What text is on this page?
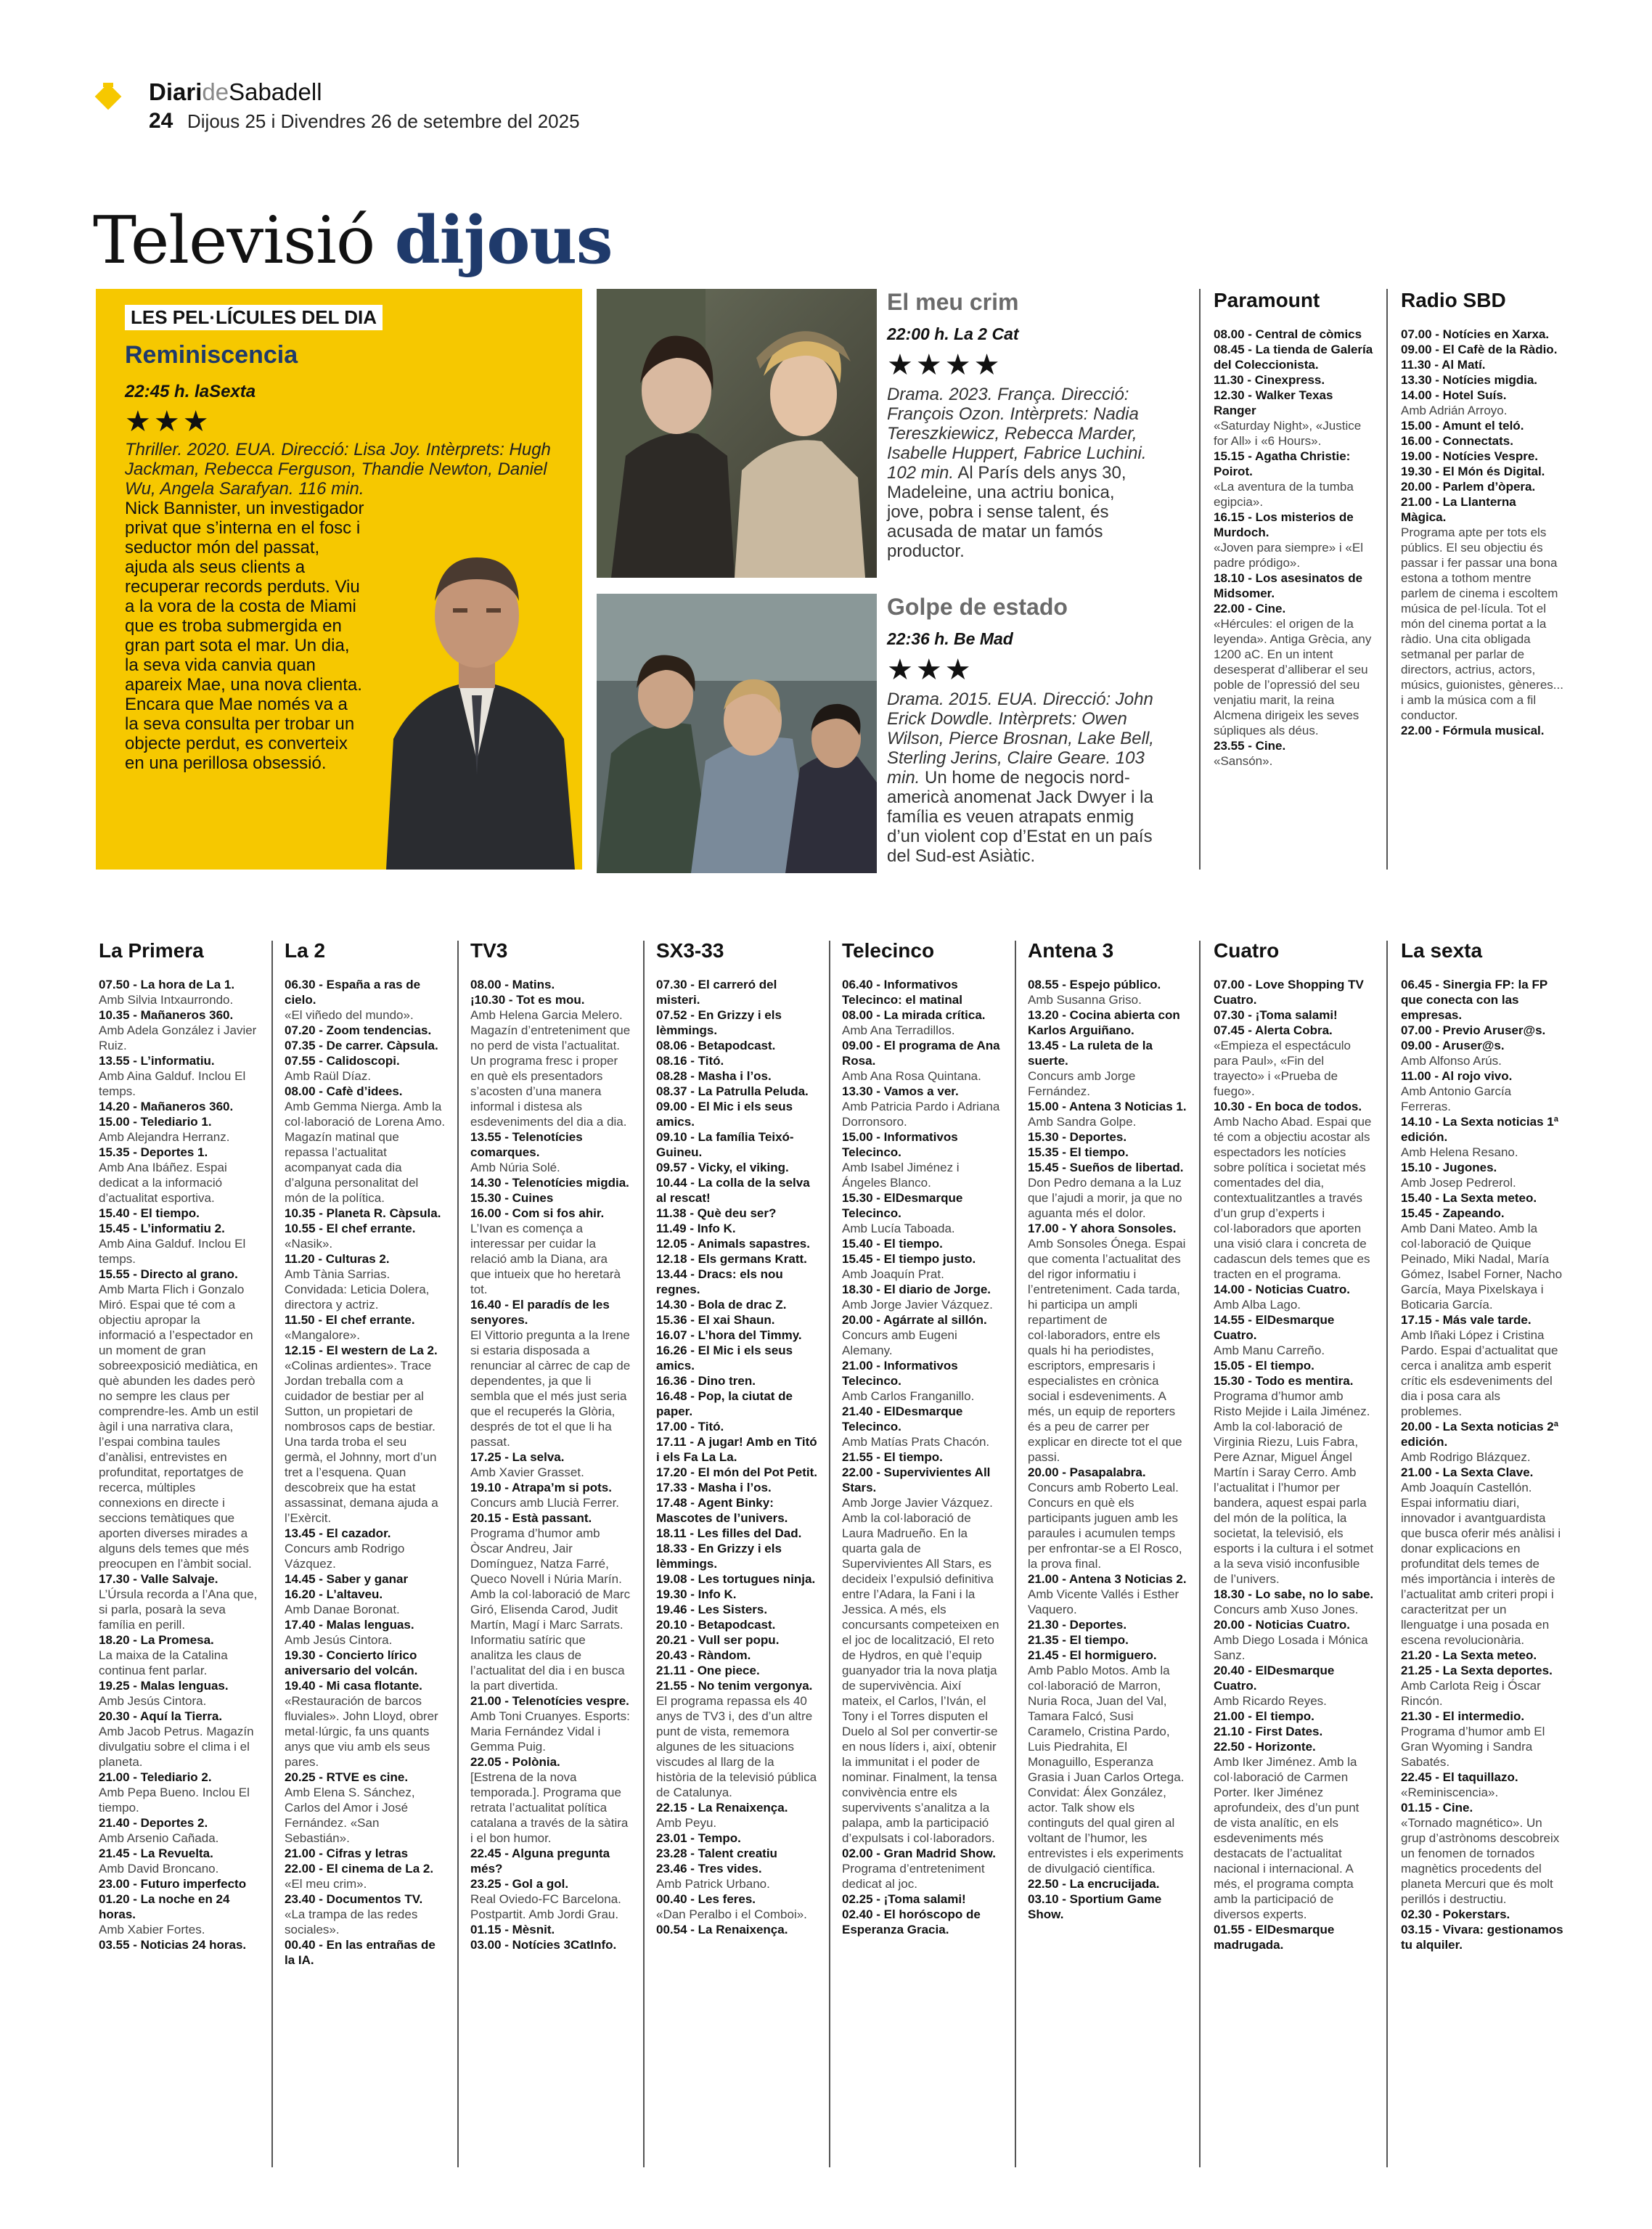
DiarideSabadell
24 Dijous 25 i Divendres 26 de setembre del 2025
Televisió dijous
LES PEL·LÍCULES DEL DIA
Reminiscencia
22:45 h. laSexta
★★★
Thriller. 2020. EUA. Direcció: Lisa Joy. Intèrprets: Hugh Jackman, Rebecca Ferguson, Thandie Newton, Daniel Wu, Angela Sarafyan. 116 min.
Nick Bannister, un investigador privat que s’interna en el fosc i seductor món del passat, ajuda als seus clients a recuperar records perduts. Viu a la vora de la costa de Miami que es troba submergida en gran part sota el mar. Un dia, la seva vida canvia quan apareix Mae, una nova clienta. Encara que Mae només va a la seva consulta per trobar un objecte perdut, es converteix en una perillosa obsessió.
El meu crim
22:00 h. La 2 Cat
★★★★
Drama. 2023. França. Direcció: François Ozon. Intèrprets: Nadia Tereszkiewicz, Rebecca Marder, Isabelle Huppert, Fabrice Luchini. 102 min. Al París dels anys 30, Madeleine, una actriu bonica, jove, pobra i sense talent, és acusada de matar un famós productor.
Golpe de estado
22:36 h. Be Mad
★★★
Drama. 2015. EUA. Direcció: John Erick Dowdle. Intèrprets: Owen Wilson, Pierce Brosnan, Lake Bell, Sterling Jerins, Claire Geare. 103 min. Un home de negocis nord-americà anomenat Jack Dwyer i la família es veuen atrapats enmig d’un violent cop d’Estat en un país del Sud-est Asiàtic.
Paramount
08.00 - Central de còmics
08.45 - La tienda de Galería del Coleccionista.
11.30 - Cinexpress.
12.30 - Walker Texas Ranger
«Saturday Night», «Justice for All» i «6 Hours».
15.15 - Agatha Christie: Poirot.
«La aventura de la tumba egipcia».
16.15 - Los misterios de Murdoch.
«Joven para siempre» i «El padre pródigo».
18.10 - Los asesinatos de Midsomer.
22.00 - Cine.
«Hércules: el origen de la leyenda». Antiga Grècia, any 1200 aC. En un intent desesperat d’alliberar el seu poble de l’opressió del seu venjatiu marit, la reina Alcmena dirigeix les seves súpliques als déus.
23.55 - Cine.
«Sansón».
Radio SBD
07.00 - Notícies en Xarxa.
09.00 - El Cafè de la Ràdio.
11.30 - Al Matí.
13.30 - Notícies migdia.
14.00 - Hotel Suís.
Amb Adrián Arroyo.
15.00 - Amunt el teló.
16.00 - Connectats.
19.00 - Notícies Vespre.
19.30 - El Món és Digital.
20.00 - Parlem d’òpera.
21.00 - La Llanterna Màgica.
Programa apte per tots els públics. El seu objectiu és passar i fer passar una bona estona a tothom mentre parlem de cinema i escoltem música de pel·lícula. Tot el món del cinema portat a la ràdio. Una cita obligada setmanal per parlar de directors, actrius, actors, músics, guionistes, gèneres... i amb la música com a fil conductor.
22.00 - Fórmula musical.
La Primera
07.50 - La hora de La 1.
Amb Silvia Intxaurrondo.
10.35 - Mañaneros 360.
Amb Adela González i Javier Ruiz.
13.55 - L’informatiu.
Amb Aina Galduf. Inclou El temps.
14.20 - Mañaneros 360.
15.00 - Telediario 1.
Amb Alejandra Herranz.
15.35 - Deportes 1.
Amb Ana Ibáñez. Espai dedicat a la informació d’actualitat esportiva.
15.40 - El tiempo.
15.45 - L’informatiu 2.
Amb Aina Galduf. Inclou El temps.
15.55 - Directo al grano.
Amb Marta Flich i Gonzalo Miró. Espai que té com a objectiu apropar la informació a l’espectador en un moment de gran sobreexposició mediàtica, en què abunden les dades però no sempre les claus per comprendre-les. Amb un estil àgil i una narrativa clara, l’espai combina taules d’anàlisi, entrevistes en profunditat, reportatges de recerca, múltiples connexions en directe i seccions temàtiques que aporten diverses mirades a alguns dels temes que més preocupen en l’àmbit social.
17.30 - Valle Salvaje.
L’Úrsula recorda a l’Ana que, si parla, posarà la seva família en perill.
18.20 - La Promesa.
La maixa de la Catalina continua fent parlar.
19.25 - Malas lenguas.
Amb Jesús Cintora.
20.30 - Aquí la Tierra.
Amb Jacob Petrus. Magazín divulgatiu sobre el clima i el planeta.
21.00 - Telediario 2.
Amb Pepa Bueno. Inclou El tiempo.
21.40 - Deportes 2.
Amb Arsenio Cañada.
21.45 - La Revuelta.
Amb David Broncano.
23.00 - Futuro imperfecto
01.20 - La noche en 24 horas.
Amb Xabier Fortes.
03.55 - Noticias 24 horas.
La 2
06.30 - España a ras de cielo.
«El viñedo del mundo».
07.20 - Zoom tendencias.
07.35 - De carrer. Càpsula.
07.55 - Calidoscopi.
Amb Raül Díaz.
08.00 - Cafè d’idees.
Amb Gemma Nierga. Amb la col·laboració de Lorena Amo. Magazín matinal que repassa l’actualitat acompanyat cada dia d’alguna personalitat del món de la política.
10.35 - Planeta R. Càpsula.
10.55 - El chef errante.
«Nasik».
11.20 - Culturas 2.
Amb Tània Sarrias. Convidada: Leticia Dolera, directora y actriz.
11.50 - El chef errante.
«Mangalore».
12.15 - El western de La 2.
«Colinas ardientes». Trace Jordan treballa com a cuidador de bestiar per al Sutton, un propietari de nombrosos caps de bestiar. Una tarda troba el seu germà, el Johnny, mort d’un tret a l’esquena. Quan descobreix que ha estat assassinat, demana ajuda a l’Exèrcit.
13.45 - El cazador.
Concurs amb Rodrigo Vázquez.
14.45 - Saber y ganar
16.20 - L’altaveu.
Amb Danae Boronat.
17.40 - Malas lenguas.
Amb Jesús Cintora.
19.30 - Concierto lírico aniversario del volcán.
19.40 - Mi casa flotante.
«Restauración de barcos fluviales». John Lloyd, obrer metal·lúrgic, fa uns quants anys que viu amb els seus pares.
20.25 - RTVE es cine.
Amb Elena S. Sánchez, Carlos del Amor i José Fernández. «San Sebastián».
21.00 - Cifras y letras
22.00 - El cinema de La 2.
«El meu crim».
23.40 - Documentos TV.
«La trampa de las redes sociales».
00.40 - En las entrañas de la IA.
TV3
08.00 - Matins.
¡10.30 - Tot es mou.
Amb Helena Garcia Melero. Magazín d’entreteniment que no perd de vista l’actualitat. Un programa fresc i proper en què els presentadors s’acosten d’una manera informal i distesa als esdeveniments del dia a dia.
13.55 - Telenotícies comarques.
Amb Núria Solé.
14.30 - Telenotícies migdia.
15.30 - Cuines
16.00 - Com si fos ahir.
L’Ivan es comença a interessar per cuidar la relació amb la Diana, ara que intueix que ho heretarà tot.
16.40 - El paradís de les senyores.
El Vittorio pregunta a la Irene si estaria disposada a renunciar al càrrec de cap de dependentes, ja que li sembla que el més just seria que el recuperés la Glòria, després de tot el que li ha passat.
17.25 - La selva.
Amb Xavier Grasset.
19.10 - Atrapa’m si pots.
Concurs amb Llucià Ferrer.
20.15 - Està passant.
Programa d’humor amb Òscar Andreu, Jair Domínguez, Natza Farré, Queco Novell i Núria Marín. Amb la col·laboració de Marc Giró, Elisenda Carod, Judit Martín, Magí i Marc Sarrats. Informatiu satíric que analitza les claus de l’actualitat del dia i en busca la part divertida.
21.00 - Telenotícies vespre.
Amb Toni Cruanyes. Esports: Maria Fernández Vidal i Gemma Puig.
22.05 - Polònia.
[Estrena de la nova temporada.]. Programa que retrata l’actualitat política catalana a través de la sàtira i el bon humor.
22.45 - Alguna pregunta més?
23.25 - Gol a gol.
Real Oviedo-FC Barcelona. Postpartit. Amb Jordi Grau.
01.15 - Mèsnit.
03.00 - Notícies 3CatInfo.
SX3-33
07.30 - El carreró del misteri.
07.52 - En Grizzy i els lèmmings.
08.06 - Betapodcast.
08.16 - Titó.
08.28 - Masha i l’os.
08.37 - La Patrulla Peluda.
09.00 - El Mic i els seus amics.
09.10 - La família Teixó-Guineu.
09.57 - Vicky, el viking.
10.44 - La colla de la selva al rescat!
11.38 - Què deu ser?
11.49 - Info K.
12.05 - Animals sapastres.
12.18 - Els germans Kratt.
13.44 - Dracs: els nou regnes.
14.30 - Bola de drac Z.
15.36 - El xai Shaun.
16.07 - L’hora del Timmy.
16.26 - El Mic i els seus amics.
16.36 - Dino tren.
16.48 - Pop, la ciutat de paper.
17.00 - Titó.
17.11 - A jugar! Amb en Titó i els Fa La La.
17.20 - El món del Pot Petit.
17.33 - Masha i l’os.
17.48 - Agent Binky: Mascotes de l’univers.
18.11 - Les filles del Dad.
18.33 - En Grizzy i els lèmmings.
19.08 - Les tortugues ninja.
19.30 - Info K.
19.46 - Les Sisters.
20.10 - Betapodcast.
20.21 - Vull ser popu.
20.43 - Ràndom.
21.11 - One piece.
21.55 - No tenim vergonya.
El programa repassa els 40 anys de TV3 i, des d’un altre punt de vista, rememora algunes de les situacions viscudes al llarg de la història de la televisió pública de Catalunya.
22.15 - La Renaixença.
Amb Peyu.
23.01 - Tempo.
23.28 - Talent creatiu
23.46 - Tres vides.
Amb Patrick Urbano.
00.40 - Les feres.
«Dan Peralbo i el Comboi».
00.54 - La Renaixença.
Telecinco
06.40 - Informativos Telecinco: el matinal
08.00 - La mirada crítica.
Amb Ana Terradillos.
09.00 - El programa de Ana Rosa.
Amb Ana Rosa Quintana.
13.30 - Vamos a ver.
Amb Patricia Pardo i Adriana Dorronsoro.
15.00 - Informativos Telecinco.
Amb Isabel Jiménez i Ángeles Blanco.
15.30 - ElDesmarque Telecinco.
Amb Lucía Taboada.
15.40 - El tiempo.
15.45 - El tiempo justo.
Amb Joaquín Prat.
18.30 - El diario de Jorge.
Amb Jorge Javier Vázquez.
20.00 - Agárrate al sillón.
Concurs amb Eugeni Alemany.
21.00 - Informativos Telecinco.
Amb Carlos Franganillo.
21.40 - ElDesmarque Telecinco.
Amb Matías Prats Chacón.
21.55 - El tiempo.
22.00 - Supervivientes All Stars.
Amb Jorge Javier Vázquez. Amb la col·laboració de Laura Madrueño. En la quarta gala de Supervivientes All Stars, es decideix l’expulsió definitiva entre l’Adara, la Fani i la Jessica. A més, els concursants competeixen en el joc de localització, El reto de Hydros, en què l’equip guanyador tria la nova platja de supervivència. Així mateix, el Carlos, l’Iván, el Tony i el Torres disputen el Duelo al Sol per convertir-se en nous líders i, així, obtenir la immunitat i el poder de nominar. Finalment, la tensa convivència entre els supervivents s’analitza a la palapa, amb la participació d’expulsats i col·laboradors.
02.00 - Gran Madrid Show.
Programa d’entreteniment dedicat al joc.
02.25 - ¡Toma salami!
02.40 - El horóscopo de Esperanza Gracia.
Antena 3
08.55 - Espejo público.
Amb Susanna Griso.
13.20 - Cocina abierta con Karlos Arguiñano.
13.45 - La ruleta de la suerte.
Concurs amb Jorge Fernández.
15.00 - Antena 3 Noticias 1.
Amb Sandra Golpe.
15.30 - Deportes.
15.35 - El tiempo.
15.45 - Sueños de libertad.
Don Pedro demana a la Luz que l’ajudi a morir, ja que no aguanta més el dolor.
17.00 - Y ahora Sonsoles.
Amb Sonsoles Ónega. Espai que comenta l’actualitat des del rigor informatiu i l’entreteniment. Cada tarda, hi participa un ampli repartiment de col·laboradors, entre els quals hi ha periodistes, escriptors, empresaris i especialistes en crònica social i esdeveniments. A més, un equip de reporters és a peu de carrer per explicar en directe tot el que passi.
20.00 - Pasapalabra.
Concurs amb Roberto Leal. Concurs en què els participants juguen amb les paraules i acumulen temps per enfrontar-se a El Rosco, la prova final.
21.00 - Antena 3 Noticias 2.
Amb Vicente Vallés i Esther Vaquero.
21.30 - Deportes.
21.35 - El tiempo.
21.45 - El hormiguero.
Amb Pablo Motos. Amb la col·laboració de Marron, Nuria Roca, Juan del Val, Tamara Falcó, Susi Caramelo, Cristina Pardo, Luis Piedrahita, El Monaguillo, Esperanza Grasia i Juan Carlos Ortega. Convidat: Álex González, actor. Talk show els continguts del qual giren al voltant de l’humor, les entrevistes i els experiments de divulgació científica.
22.50 - La encrucijada.
03.10 - Sportium Game Show.
Cuatro
07.00 - Love Shopping TV Cuatro.
07.30 - ¡Toma salami!
07.45 - Alerta Cobra.
«Empieza el espectáculo para Paul», «Fin del trayecto» i «Prueba de fuego».
10.30 - En boca de todos.
Amb Nacho Abad. Espai que té com a objectiu acostar als espectadors les notícies sobre política i societat més comentades del dia, contextualitzantles a través d’un grup d’experts i col·laboradors que aporten una visió clara i concreta de cadascun dels temes que es tracten en el programa.
14.00 - Noticias Cuatro.
Amb Alba Lago.
14.55 - ElDesmarque Cuatro.
Amb Manu Carreño.
15.05 - El tiempo.
15.30 - Todo es mentira.
Programa d’humor amb Risto Mejide i Laila Jiménez. Amb la col·laboració de Virginia Riezu, Luis Fabra, Pere Aznar, Miguel Ángel Martín i Saray Cerro. Amb l’actualitat i l’humor per bandera, aquest espai parla del món de la política, la societat, la televisió, els esports i la cultura i el sotmet a la seva visió inconfusible de l’univers.
18.30 - Lo sabe, no lo sabe.
Concurs amb Xuso Jones.
20.00 - Noticias Cuatro.
Amb Diego Losada i Mónica Sanz.
20.40 - ElDesmarque Cuatro.
Amb Ricardo Reyes.
21.00 - El tiempo.
21.10 - First Dates.
22.50 - Horizonte.
Amb Iker Jiménez. Amb la col·laboració de Carmen Porter. Iker Jiménez aprofundeix, des d’un punt de vista analític, en els esdeveniments més destacats de l’actualitat nacional i internacional. A més, el programa compta amb la participació de diversos experts.
01.55 - ElDesmarque madrugada.
La sexta
06.45 - Sinergia FP: la FP que conecta con las empresas.
07.00 - Previo Aruser@s.
09.00 - Aruser@s.
Amb Alfonso Arús.
11.00 - Al rojo vivo.
Amb Antonio García Ferreras.
14.10 - La Sexta noticias 1ª edición.
Amb Helena Resano.
15.10 - Jugones.
Amb Josep Pedrerol.
15.40 - La Sexta meteo.
15.45 - Zapeando.
Amb Dani Mateo. Amb la col·laboració de Quique Peinado, Miki Nadal, María Gómez, Isabel Forner, Nacho García, Maya Pixelskaya i Boticaria García.
17.15 - Más vale tarde.
Amb Iñaki López i Cristina Pardo. Espai d’actualitat que cerca i analitza amb esperit crític els esdeveniments del dia i posa cara als problemes.
20.00 - La Sexta noticias 2ª edición.
Amb Rodrigo Blázquez.
21.00 - La Sexta Clave.
Amb Joaquín Castellón. Espai informatiu diari, innovador i avantguardista que busca oferir més anàlisi i donar explicacions en profunditat dels temes de més importància i interès de l’actualitat amb criteri propi i caracteritzat per un llenguatge i una posada en escena revolucionària.
21.20 - La Sexta meteo.
21.25 - La Sexta deportes.
Amb Carlota Reig i Óscar Rincón.
21.30 - El intermedio.
Programa d’humor amb El Gran Wyoming i Sandra Sabatés.
22.45 - El taquillazo.
«Reminiscencia».
01.15 - Cine.
«Tornado magnético». Un grup d’astrònoms descobreix un fenomen de tornados magnètics procedents del planeta Mercuri que és molt perillós i destructiu.
02.30 - Pokerstars.
03.15 - Vivara: gestionamos tu alquiler.
